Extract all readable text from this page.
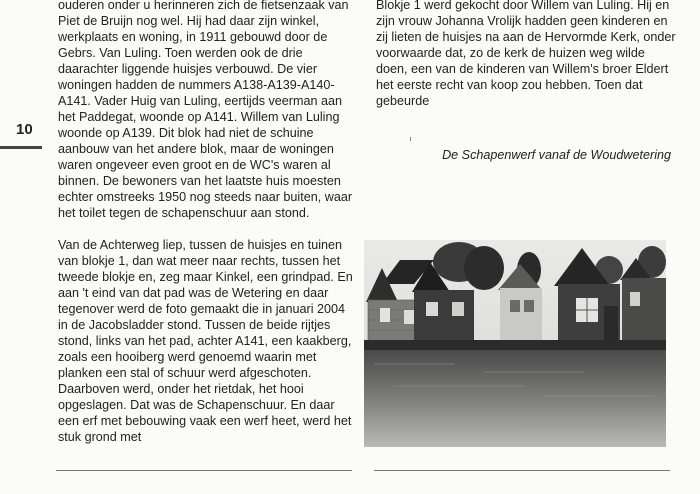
ouderen onder u herinneren zich de fietsenzaak van Piet de Bruijn nog wel. Hij had daar zijn winkel, werkplaats en woning, in 1911 gebouwd door de Gebrs. Van Luling. Toen werden ook de drie daarachter liggende huisjes verbouwd. De vier woningen hadden de nummers A138-A139-A140-A141. Vader Huig van Luling, eertijds veerman aan het Paddegat, woonde op A141. Willem van Luling woonde op A139. Dit blok had niet de schuine aanbouw van het andere blok, maar de woningen waren ongeveer even groot en de WC's waren al binnen. De bewoners van het laatste huis moesten echter omstreeks 1950 nog steeds naar buiten, waar het toilet tegen de schapenschuur aan stond.

Van de Achterweg liep, tussen de huisjes en tuinen van blokje 1, dan wat meer naar rechts, tussen het tweede blokje en, zeg maar Kinkel, een grindpad. En aan 't eind van dat pad was de Wetering en daar tegenover werd de foto gemaakt die in januari 2004 in de Jacobsladder stond. Tussen de beide rijtjes stond, links van het pad, achter A141, een kaakberg, zoals een hooiberg werd genoemd waarin met planken een stal of schuur werd afgeschoten. Daarboven werd, onder het rietdak, het hooi opgeslagen. Dat was de Schapenschuur. En daar een erf met bebouwing vaak een werf heet, werd het stuk grond met

10

Blokje 1 werd gekocht door Willem van Luling. Hij en zijn vrouw Johanna Vrolijk hadden geen kinderen en zij lieten de huisjes na aan de Hervormde Kerk, onder voorwaarde dat, zo de kerk de huizen weg wilde doen, een van de kinderen van Willem's broer Eldert het eerste recht van koop zou hebben. Toen dat gebeurde

De Schapenwerf vanaf de Woudwetering
